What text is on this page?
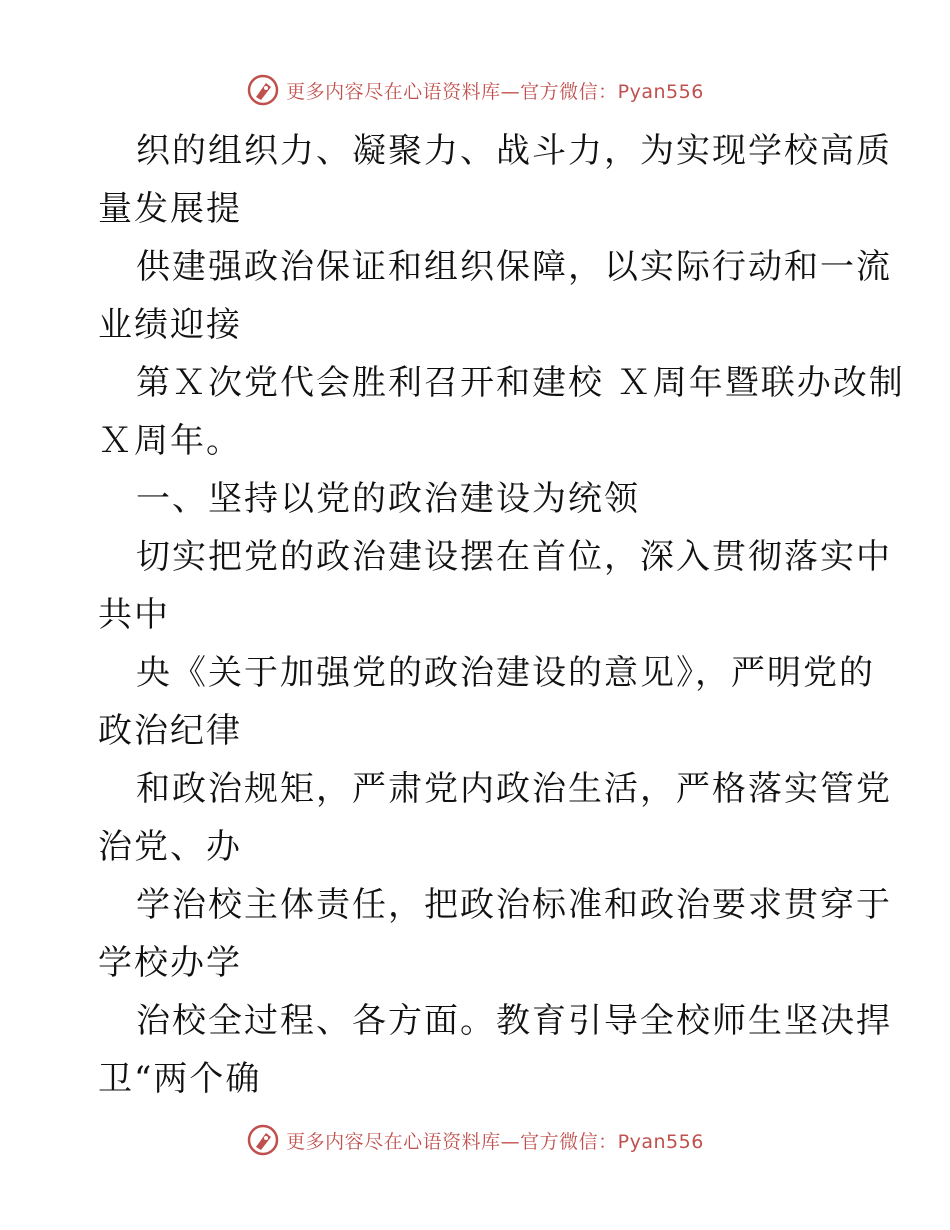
更多内容尽在心语资料库—官方微信：Pyan556
织的组织力、凝聚力、战斗力，为实现学校高质
量发展提
供建强政治保证和组织保障，以实际行动和一流
业绩迎接
第Ｘ次党代会胜利召开和建校 Ｘ周年暨联办改制
Ｘ周年。
一、坚持以党的政治建设为统领
切实把党的政治建设摆在首位，深入贯彻落实中
共中
央《关于加强党的政治建设的意见》，严明党的
政治纪律
和政治规矩，严肃党内政治生活，严格落实管党
治党、办
学治校主体责任，把政治标准和政治要求贯穿于
学校办学
治校全过程、各方面。教育引导全校师生坚决捍
卫“两个确
更多内容尽在心语资料库—官方微信：Pyan556
